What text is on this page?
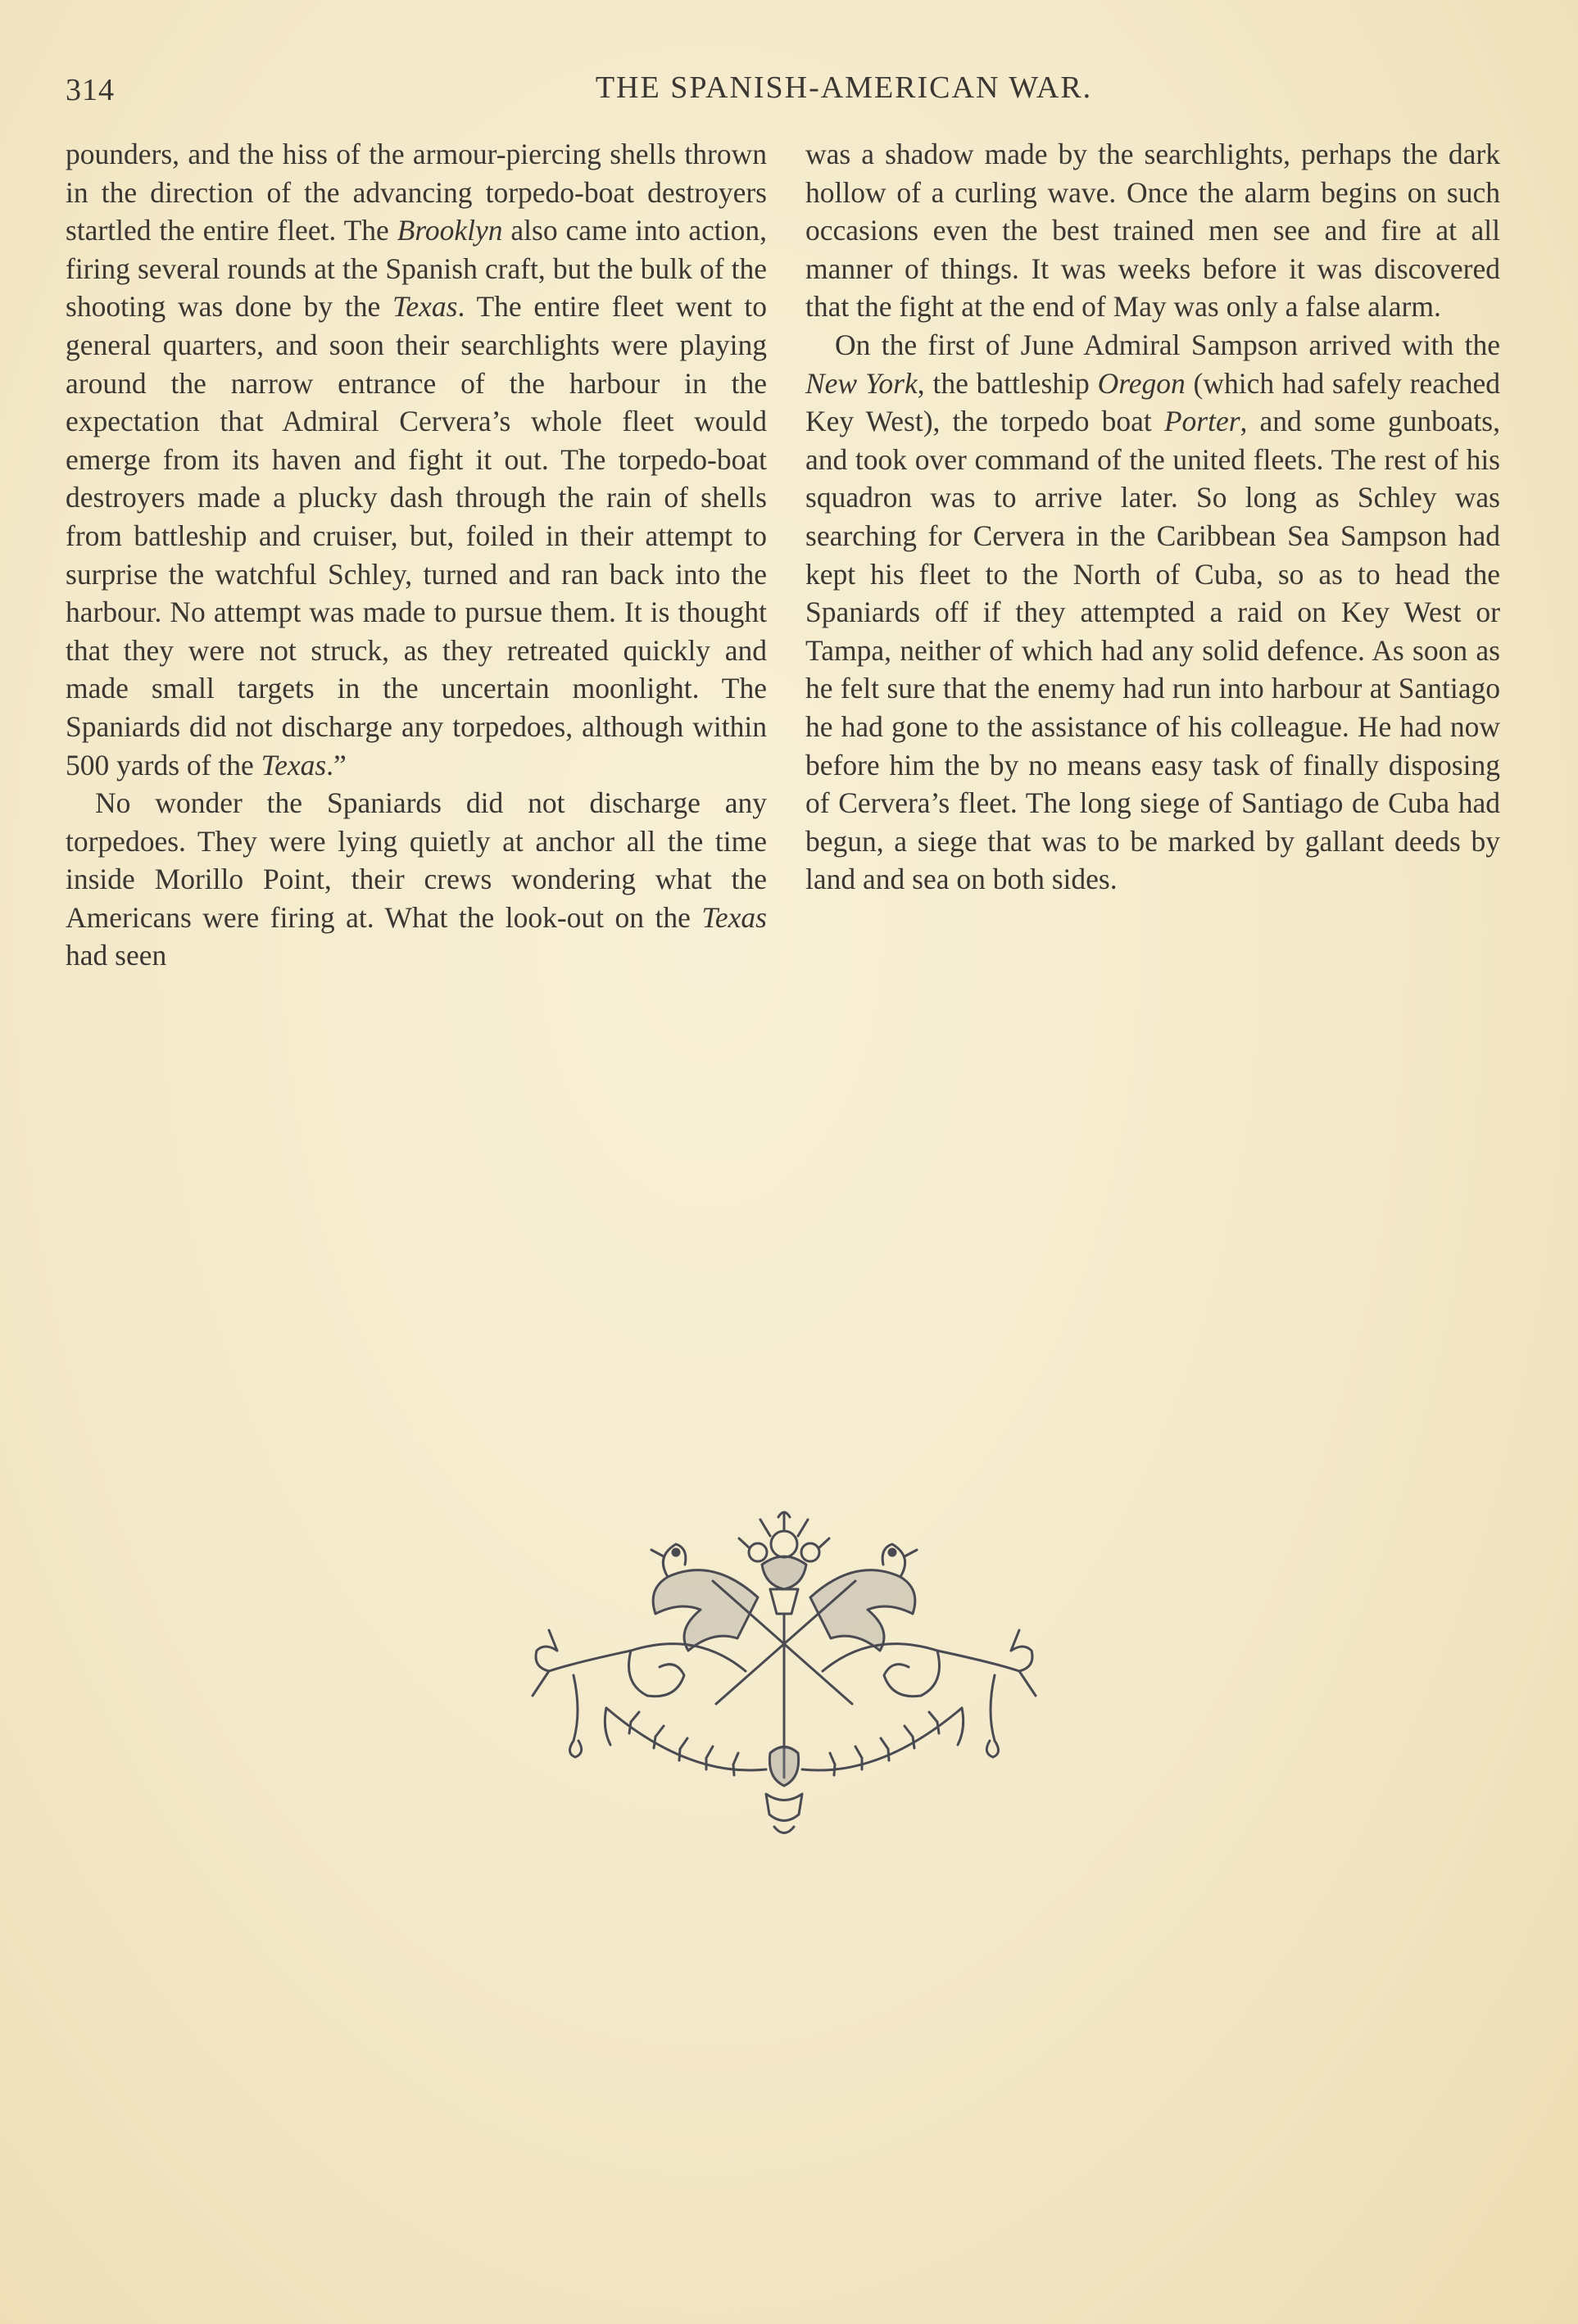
314	THE SPANISH-AMERICAN WAR.

pounders, and the hiss of the armour-piercing shells thrown in the direction of the advancing torpedo-boat destroyers startled the entire fleet. The Brooklyn also came into action, firing several rounds at the Spanish craft, but the bulk of the shooting was done by the Texas. The entire fleet went to general quarters, and soon their searchlights were playing around the narrow entrance of the harbour in the expectation that Admiral Cervera’s whole fleet would emerge from its haven and fight it out. The torpedo-boat destroyers made a plucky dash through the rain of shells from battleship and cruiser, but, foiled in their attempt to surprise the watchful Schley, turned and ran back into the harbour. No attempt was made to pursue them. It is thought that they were not struck, as they retreated quickly and made small targets in the uncertain moonlight. The Spaniards did not discharge any torpedoes, although within 500 yards of the Texas.”

No wonder the Spaniards did not discharge any torpedoes. They were lying quietly at anchor all the time inside Morillo Point, their crews wondering what the Americans were firing at. What the look-out on the Texas had seen

was a shadow made by the searchlights, perhaps the dark hollow of a curling wave. Once the alarm begins on such occasions even the best trained men see and fire at all manner of things. It was weeks before it was discovered that the fight at the end of May was only a false alarm.

On the first of June Admiral Sampson arrived with the New York, the battleship Oregon (which had safely reached Key West), the torpedo boat Porter, and some gunboats, and took over command of the united fleets. The rest of his squadron was to arrive later. So long as Schley was searching for Cervera in the Caribbean Sea Sampson had kept his fleet to the North of Cuba, so as to head the Spaniards off if they attempted a raid on Key West or Tampa, neither of which had any solid defence. As soon as he felt sure that the enemy had run into harbour at Santiago he had gone to the assistance of his colleague. He had now before him the by no means easy task of finally disposing of Cervera’s fleet. The long siege of Santiago de Cuba had begun, a siege that was to be marked by gallant deeds by land and sea on both sides.
